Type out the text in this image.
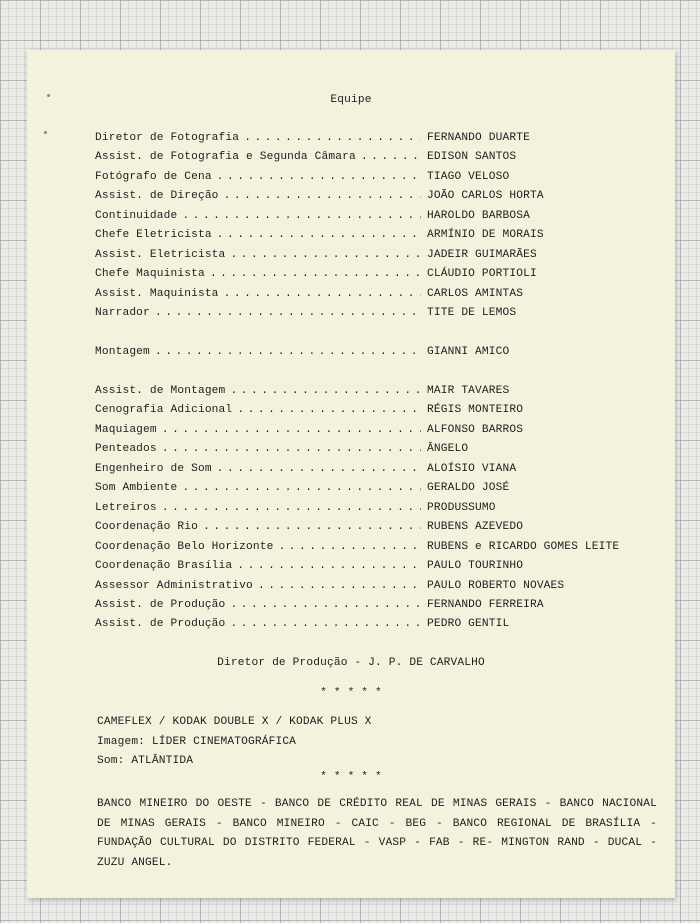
Equipe
Diretor de Fotografia . . .	FERNANDO DUARTE
Assist. de Fotografia e Segunda Câmara . . .	EDISON SANTOS
Fotógrafo de Cena . . .	TIAGO VELOSO
Assist. de Direção . . .	JOÃO CARLOS HORTA
Continuidade . . .	HAROLDO BARBOSA
Chefe Eletricista . . .	ARMÍNIO DE MORAIS
Assist. Eletricista . . .	JADEIR GUIMARÃES
Chefe Maquinista . . .	CLÁUDIO PORTIOLI
Assist. Maquinista . . .	CARLOS AMINTAS
Narrador . . .	TITE DE LEMOS
Montagem . . .	GIANNI AMICO
Assist. de Montagem . . .	MAIR TAVARES
Cenografia Adicional . . .	RÉGIS MONTEIRO
Maquiagem . . .	ALFONSO BARROS
Penteados . . .	ÂNGELO
Engenheiro de Som . . .	ALOÍSIO VIANA
Som Ambiente . . .	GERALDO JOSÉ
Letreiros . . .	PRODUSSUMO
Coordenação Rio . . .	RUBENS AZEVEDO
Coordenação Belo Horizonte . . .	RUBENS e RICARDO GOMES LEITE
Coordenação Brasília . . .	PAULO TOURINHO
Assessor Administrativo . . .	PAULO ROBERTO NOVAES
Assist. de Produção . . .	FERNANDO FERREIRA
Assist. de Produção . . .	PEDRO GENTIL
Diretor de Produção - J. P. DE CARVALHO
* * * * *
CAMEFLEX / KODAK DOUBLE X / KODAK PLUS X
Imagem: LÍDER CINEMATOGRÁFICA
Som: ATLÂNTIDA
* * * * *
BANCO MINEIRO DO OESTE - BANCO DE CRÉDITO REAL DE MINAS GERAIS - BANCO NACIONAL DE MINAS GERAIS - BANCO MINEIRO - CAIC - BEG - BANCO REGIONAL DE BRASÍLIA - FUNDAÇÃO CULTURAL DO DISTRITO FEDERAL - VASP - FAB - RE- MINGTON RAND - DUCAL - ZUZU ANGEL.
